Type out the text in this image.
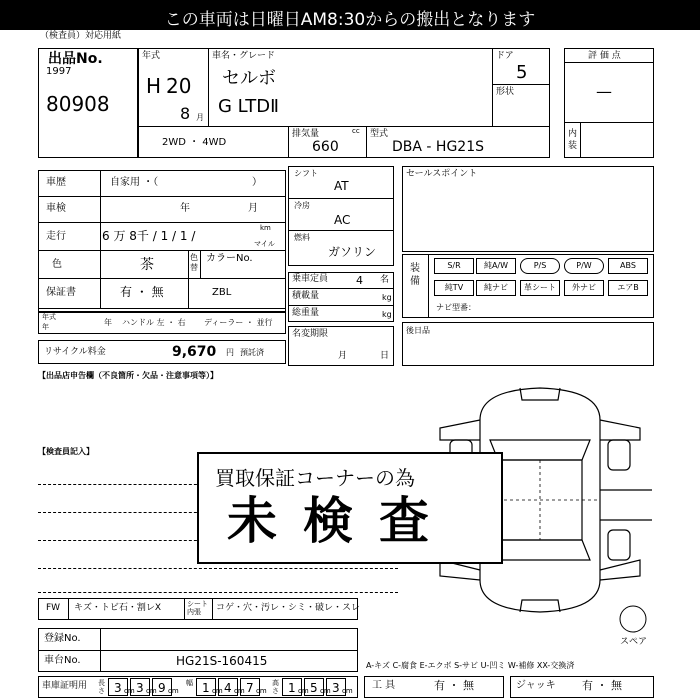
この車両は日曜日AM8:30からの搬出となります
（検査員）対応用紙
出品No.
1997
80908
年式
H 20
8 月
車名・グレード
セルボ
G LTDⅡ
ドア
5
形状
2WD ・ 4WD
排気量	cc
660
型式
DBA - HG21S
評 価 点
—
内装
車歴	自家用 ・（	）
車検	年	月
走行	6 万 8千 / 1 / 1 /
km
マイル
色	茶	色替
カラーNo.
ZBL
保証書	有 ・ 無
年式
年	年 ハンドル 左 ・ 右 ディーラー ・ 並行
リサイクル料金	9,670 円 預託済
シフト
AT
冷房
AC
燃料
ガソリン
乗車定員	4 名
積載量	kg
総重量	kg
名変期限
月	日
セールスポイント
装備
S/R	純A/W	P/S	P/W	ABS
純TV	純ナビ	革シート	外ナビ	エアB
ナビ型番：
後日品
【出品店申告欄（不良箇所・欠品・注意事項等）】
【検査員記入】
スペア
買取保証コーナーの為
未検査
FW キズ・トビ石・割レX	シート内張	コゲ・穴・汚レ・シミ・破レ・スレ
登録No.
車台No.	HG21S-160415	A-キズ C-腐食 E-エクボ S-サビ U-凹ミ W-補修 XX-交換済
車庫証明用 長さ 3 cm 3 cm 9 cm
幅 1 cm 4 cm 7 cm
高さ 1 cm 5 cm 3 cm 工 具	有 ・ 無	ジャッキ 有 ・ 無
